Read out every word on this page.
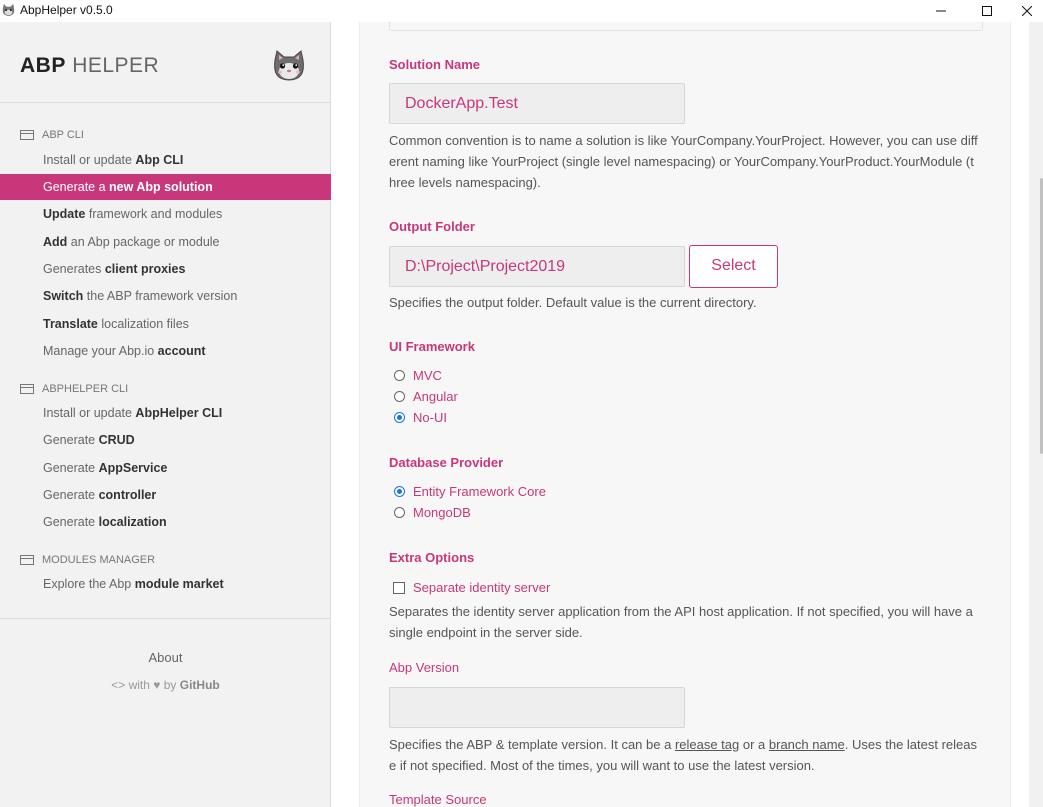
AbpHelper v0.5.0
ABP HELPER
ABP CLI
Install or update Abp CLI
Generate a new Abp solution
Update framework and modules
Add an Abp package or module
Generates client proxies
Switch the ABP framework version
Translate localization files
Manage your Abp.io account
ABPHELPER CLI
Install or update AbpHelper CLI
Generate CRUD
Generate AppService
Generate controller
Generate localization
MODULES MANAGER
Explore the Abp module market
About
<> with ♥ by GitHub
Solution Name
DockerApp.Test
Common convention is to name a solution is like YourCompany.YourProject. However, you can use different naming like YourProject (single level namespacing) or YourCompany.YourProduct.YourModule (three levels namespacing).
Output Folder
D:\Project\Project2019	Select
Specifies the output folder. Default value is the current directory.
UI Framework
MVC
Angular
No-UI
Database Provider
Entity Framework Core
MongoDB
Extra Options
Separate identity server
Separates the identity server application from the API host application. If not specified, you will have a single endpoint in the server side.
Abp Version
Specifies the ABP & template version. It can be a release tag or a branch name. Uses the latest release if not specified. Most of the times, you will want to use the latest version.
Template Source
